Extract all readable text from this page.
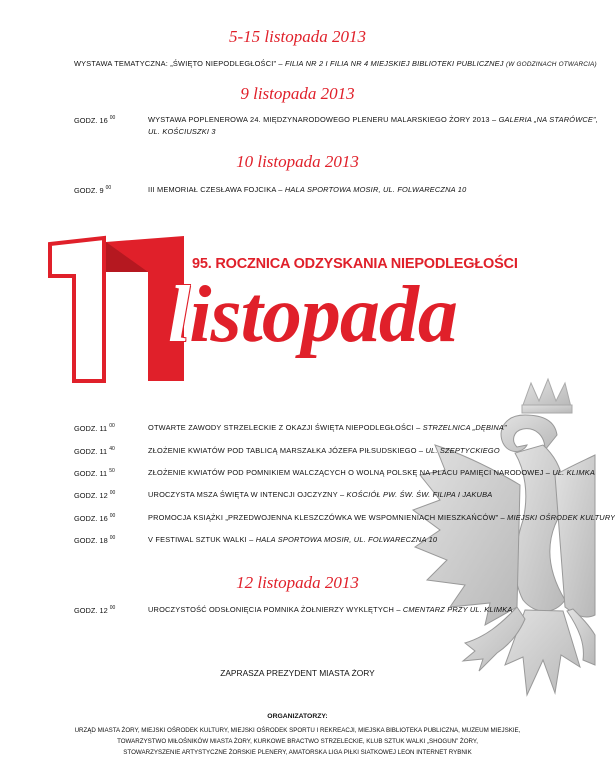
5-15 listopada 2013
WYSTAWA TEMATYCZNA: „ŚWIĘTO NIEPODLEGŁOŚCI” – FILIA NR 2 I FILIA NR 4 MIEJSKIEJ BIBLIOTEKI PUBLICZNEJ (W GODZINACH OTWARCIA)
9 listopada 2013
GODZ. 16 $^{00}$	WYSTAWA POPLENEROWA 24. MIĘDZYNARODOWEGO PLENERU MALARSKIEGO ŻORY 2013 – GALERIA „NA STARÓWCE”,
UL. KOŚCIUSZKI 3
10 listopada 2013
GODZ. 9 $^{00}$	III MEMORIAŁ CZESŁAWA FOJCIKA – HALA SPORTOWA MOSIR, UL. FOLWARECZNA 10
11
95. ROCZNICA ODZYSKANIA NIEPODLEGŁOŚCI
listopada
GODZ. 11 $^{00}$	OTWARTE ZAWODY STRZELECKIE Z OKAZJI ŚWIĘTA NIEPODLEGŁOŚCI – STRZELNICA „DĘBINA”
GODZ. 11 $^{40}$	ZŁOŻENIE KWIATÓW POD TABLICĄ MARSZAŁKA JÓZEFA PIŁSUDSKIEGO – UL. SZEPTYCKIEGO
GODZ. 11 $^{50}$	ZŁOŻENIE KWIATÓW POD POMNIKIEM WALCZĄCYCH O WOLNĄ POLSKĘ NA PLACU PAMIĘCI NARODOWEJ – UL. KLIMKA
GODZ. 12 $^{00}$	UROCZYSTA MSZA ŚWIĘTA W INTENCJI OJCZYZNY – KOŚCIÓŁ PW. ŚW. ŚW. FILIPA I JAKUBA
GODZ. 16 $^{00}$	PROMOCJA KSIĄŻKI „PRZEDWOJENNA KLESZCZÓWKA WE WSPOMNIENIACH MIESZKAŃCÓW” – MIEJSKI OŚRODEK KULTURY
GODZ. 18 $^{00}$	V FESTIWAL SZTUK WALKI – HALA SPORTOWA MOSIR, UL. FOLWARECZNA 10
12 listopada 2013
GODZ. 12 $^{00}$	UROCZYSTOŚĆ ODSŁONIĘCIA POMNIKA ŻOŁNIERZY WYKLĘTYCH – CMENTARZ PRZY UL. KLIMKA
ZAPRASZA PREZYDENT MIASTA ŻORY
ORGANIZATORZY:
URZĄD MIASTA ŻORY, MIEJSKI OŚRODEK KULTURY, MIEJSKI OŚRODEK SPORTU I REKREACJI, MIEJSKA BIBLIOTEKA PUBLICZNA, MUZEUM MIEJSKIE,
TOWARZYSTWO MIŁOŚNIKÓW MIASTA ŻORY, KURKOWE BRACTWO STRZELECKIE, KLUB SZTUK WALKI „SHOGUN” ŻORY,
STOWARZYSZENIE ARTYSTYCZNE ŻORSKIE PLENERY, AMATORSKA LIGA PIŁKI SIATKOWEJ LEON INTERNET RYBNIK
